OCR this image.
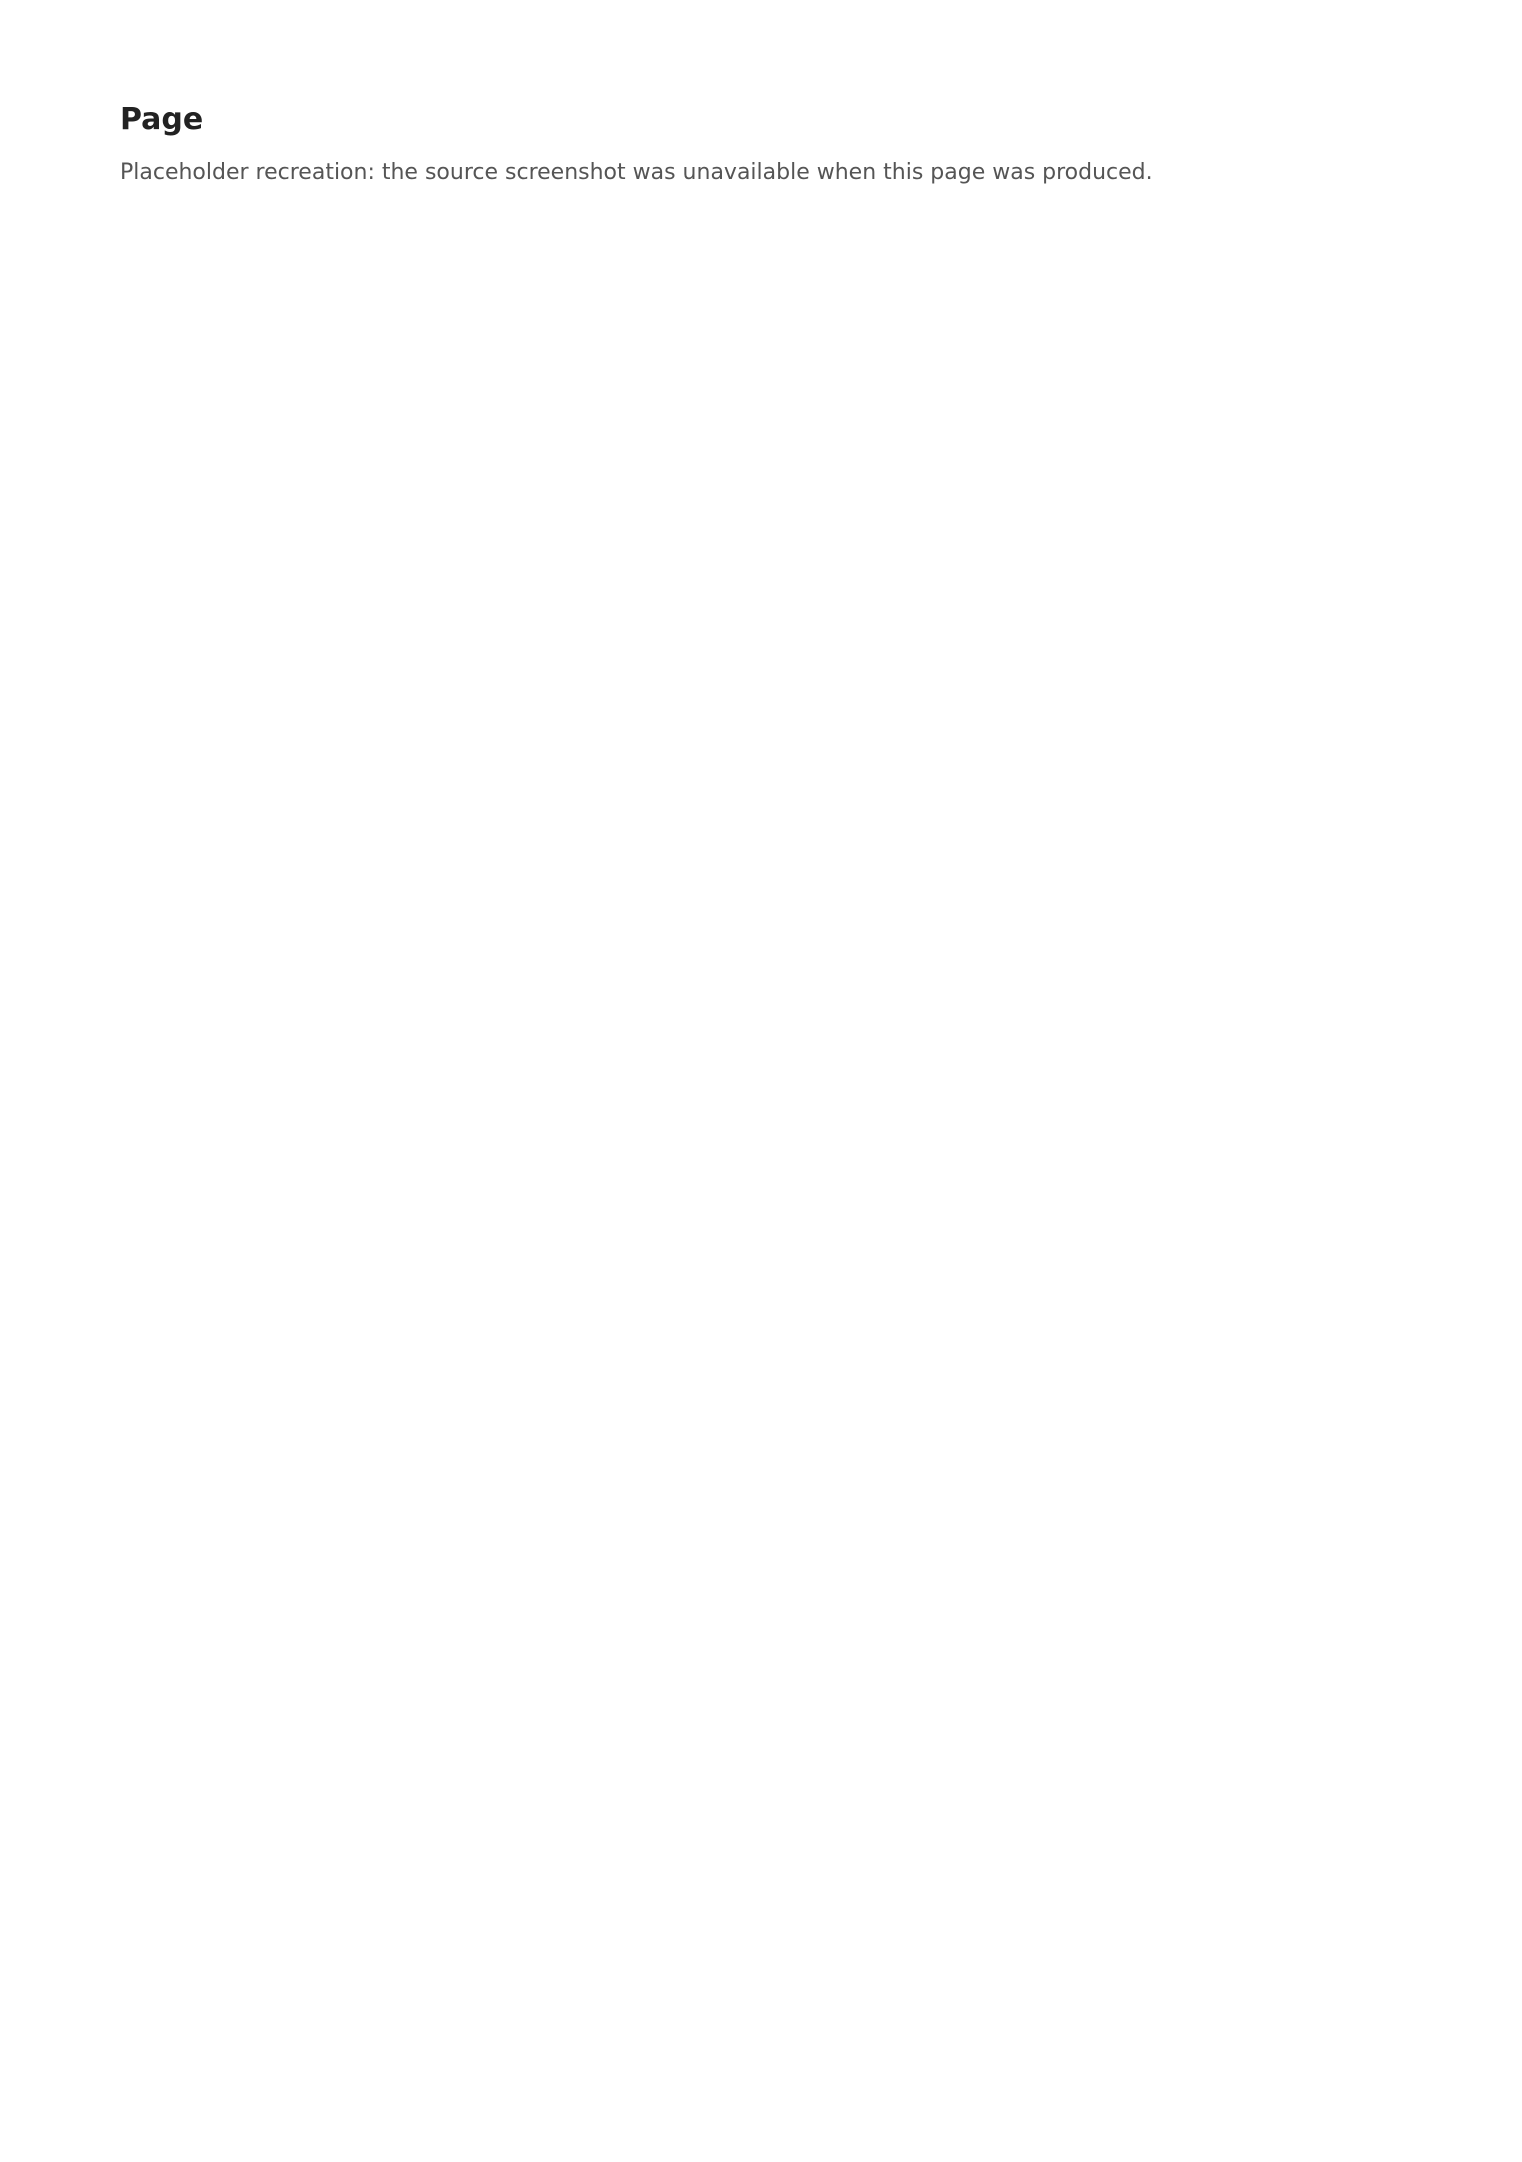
Page

Placeholder recreation: the source screenshot was unavailable when this page was produced.
